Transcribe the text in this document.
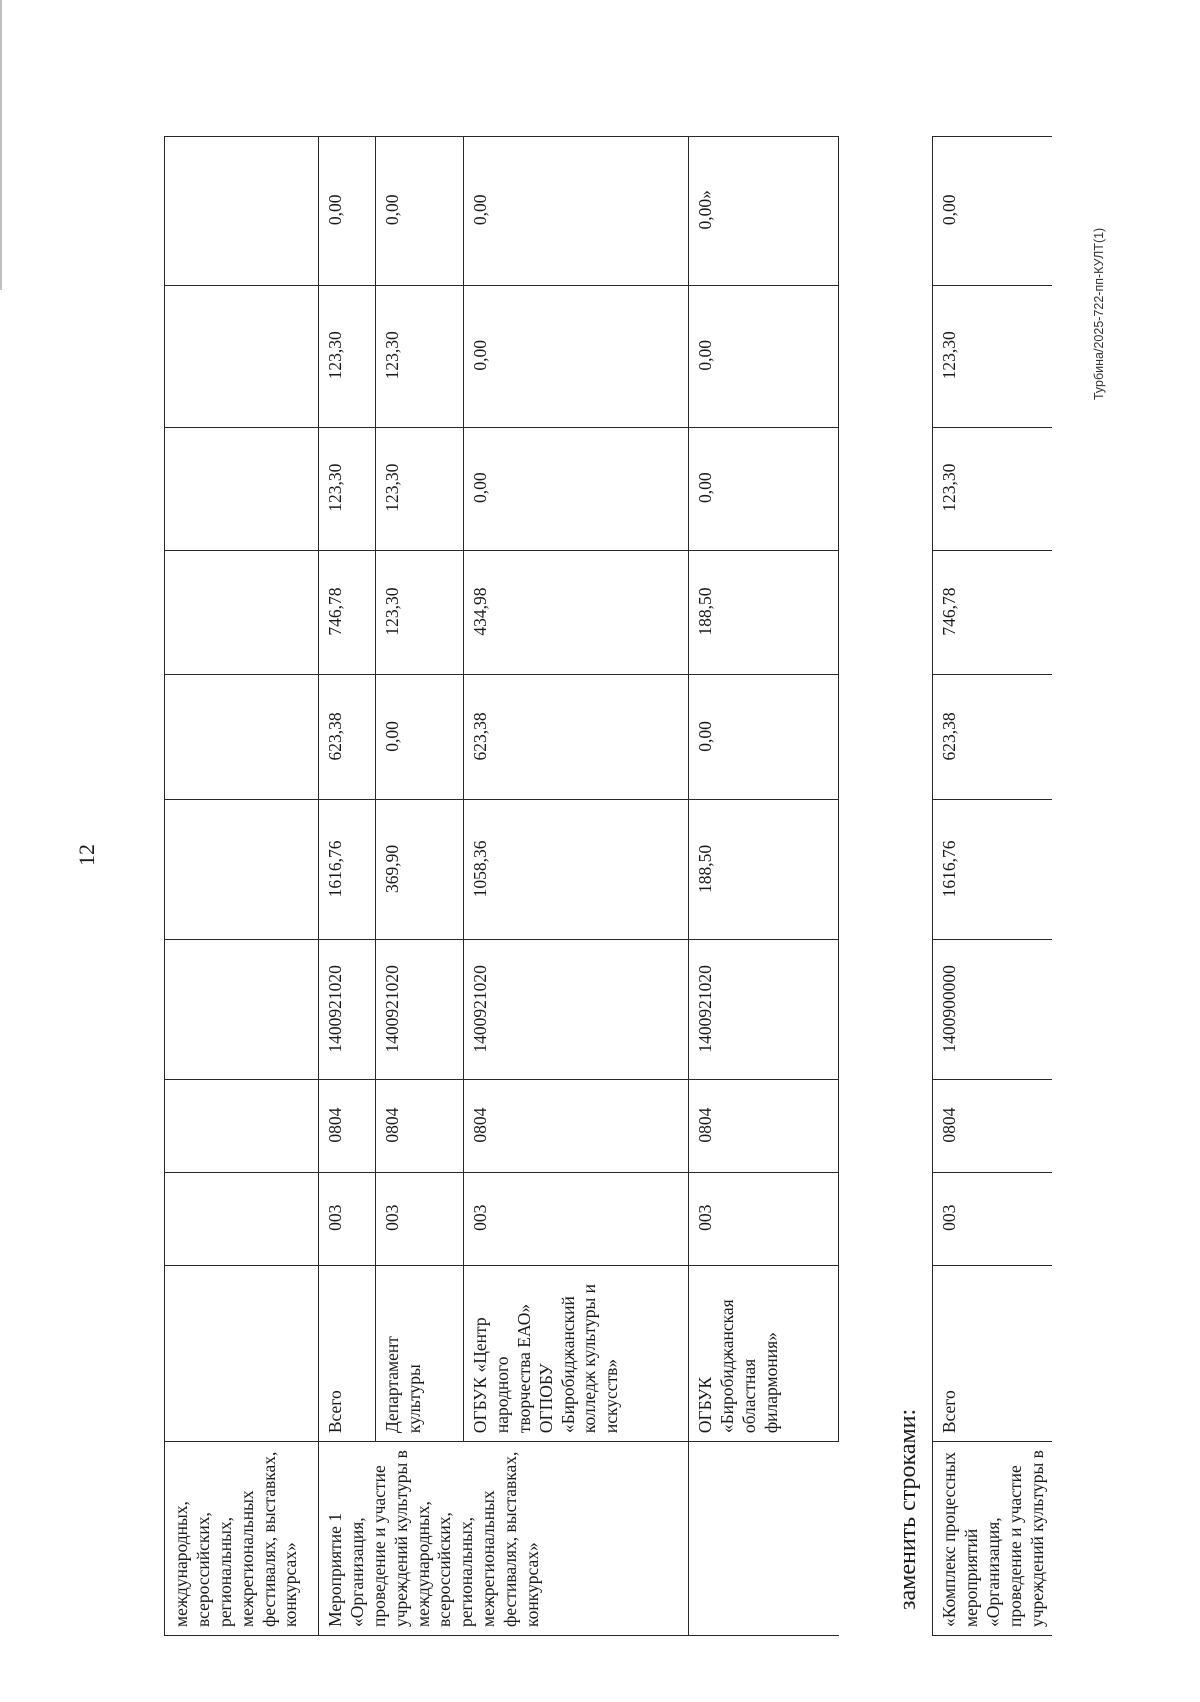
12
Турбина/2025-722-пп-КУЛТ(1)
международных, всероссийских, региональных, межрегиональных фестивалях, выставках, конкурсах»										
Мероприятие 1 «Организация, проведение и участие учреждений культуры в международных, всероссийских, региональных, межрегиональных фестивалях, выставках, конкурсах»	Всего	003	0804	1400921020	1616,76	623,38	746,78	123,30	123,30	0,00
	Департамент культуры	003	0804	1400921020	369,90	0,00	123,30	123,30	123,30	0,00
	ОГБУК «Центр народного творчества ЕАО» ОГПОБУ «Биробиджанский колледж культуры и искусств»	003	0804	1400921020	1058,36	623,38	434,98	0,00	0,00	0,00
	ОГБУК «Биробиджанская областная филармония»	003	0804	1400921020	188,50	0,00	188,50	0,00	0,00	0,00»
заменить строками: «Комплекс процессных мероприятий «Организация, проведение и участие учреждений культуры в	Всего	003	0804	1400900000	1616,76	623,38	746,78	123,30	123,30	0,00
